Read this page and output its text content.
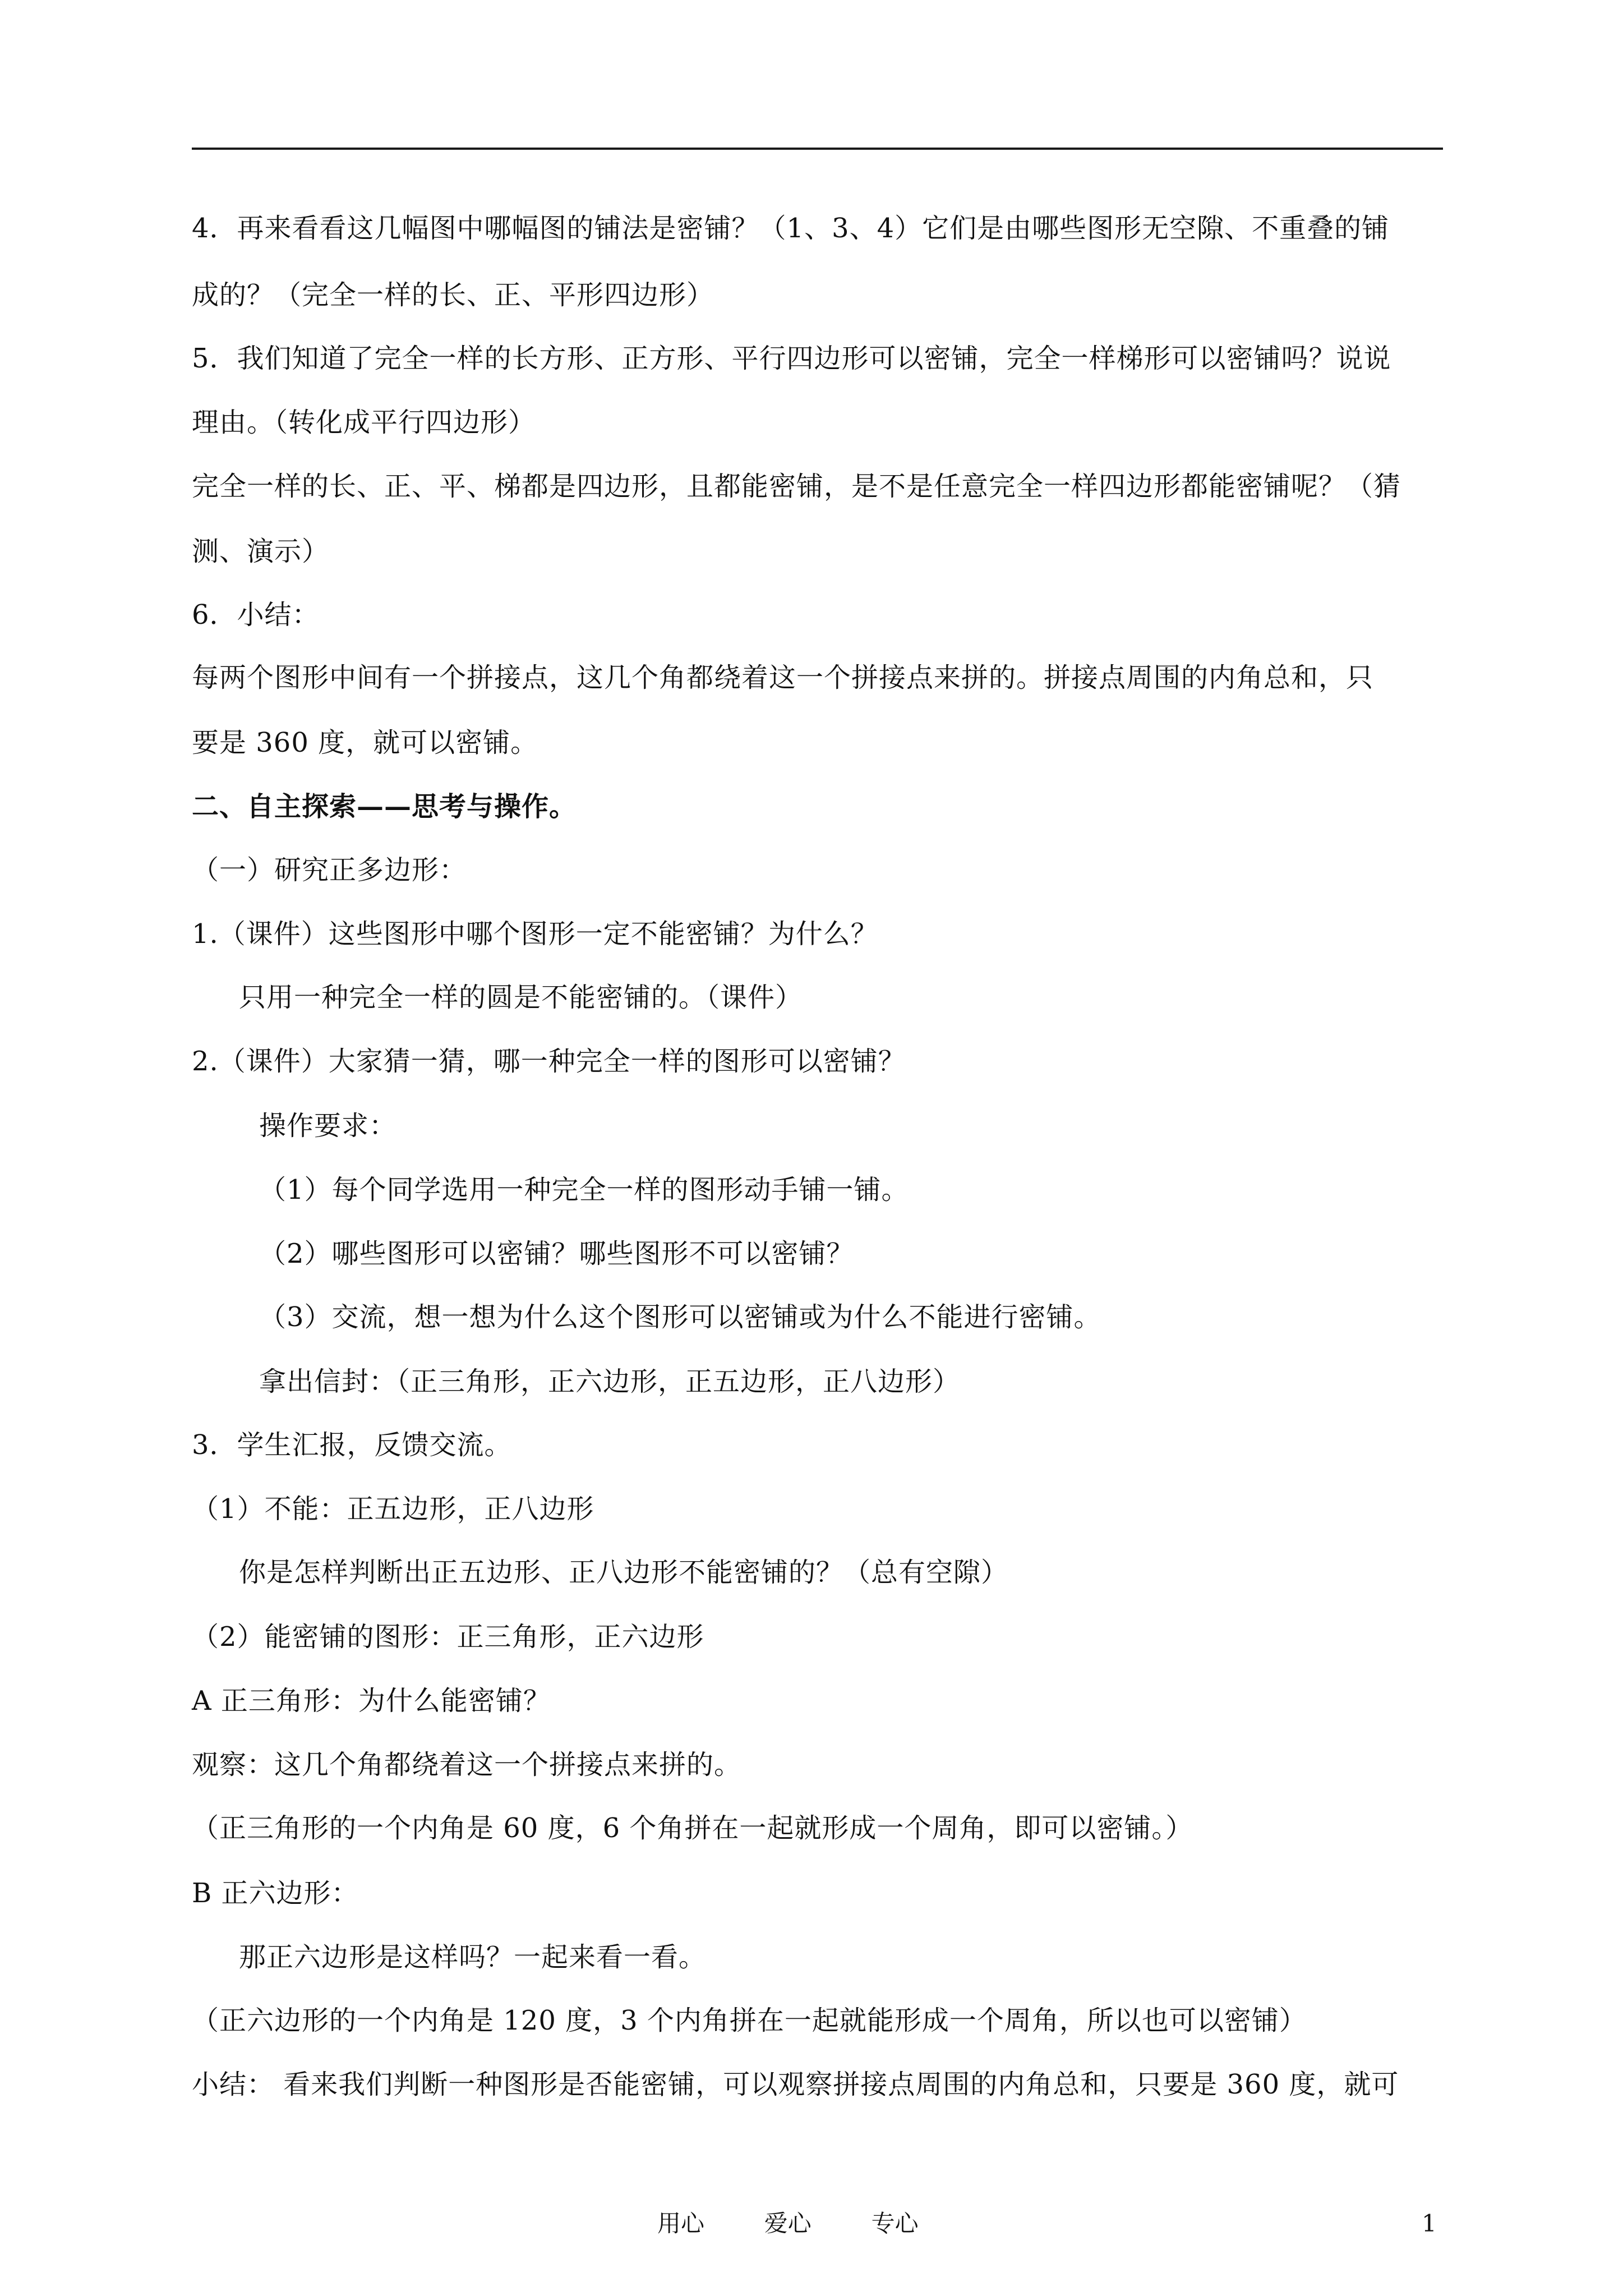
4．再来看看这几幅图中哪幅图的铺法是密铺？（1、3、4）它们是由哪些图形无空隙、不重叠的铺
成的？（完全一样的长、正、平形四边形）
5．我们知道了完全一样的长方形、正方形、平行四边形可以密铺，完全一样梯形可以密铺吗？说说
理由。（转化成平行四边形）
完全一样的长、正、平、梯都是四边形，且都能密铺，是不是任意完全一样四边形都能密铺呢？（猜
测、演示）
6．小结：
每两个图形中间有一个拼接点，这几个角都绕着这一个拼接点来拼的。拼接点周围的内角总和，只
要是 360 度，就可以密铺。
二、自主探索——思考与操作。
（一）研究正多边形：
1.（课件）这些图形中哪个图形一定不能密铺？为什么？
只用一种完全一样的圆是不能密铺的。（课件）
2.（课件）大家猜一猜，哪一种完全一样的图形可以密铺？
操作要求：
（1）每个同学选用一种完全一样的图形动手铺一铺。
（2）哪些图形可以密铺？哪些图形不可以密铺？
（3）交流，想一想为什么这个图形可以密铺或为什么不能进行密铺。
拿出信封：（正三角形，正六边形，正五边形，正八边形）
3．学生汇报，反馈交流。
（1）不能：正五边形，正八边形
你是怎样判断出正五边形、正八边形不能密铺的？（总有空隙）
（2）能密铺的图形：正三角形，正六边形
A 正三角形：为什么能密铺？
观察：这几个角都绕着这一个拼接点来拼的。
（正三角形的一个内角是 60 度，6 个角拼在一起就形成一个周角，即可以密铺。）
B 正六边形：
那正六边形是这样吗？一起来看一看。
（正六边形的一个内角是 120 度，3 个内角拼在一起就能形成一个周角，所以也可以密铺）
小结： 看来我们判断一种图形是否能密铺，可以观察拼接点周围的内角总和，只要是 360 度，就可
用心        爱心        专心	1
